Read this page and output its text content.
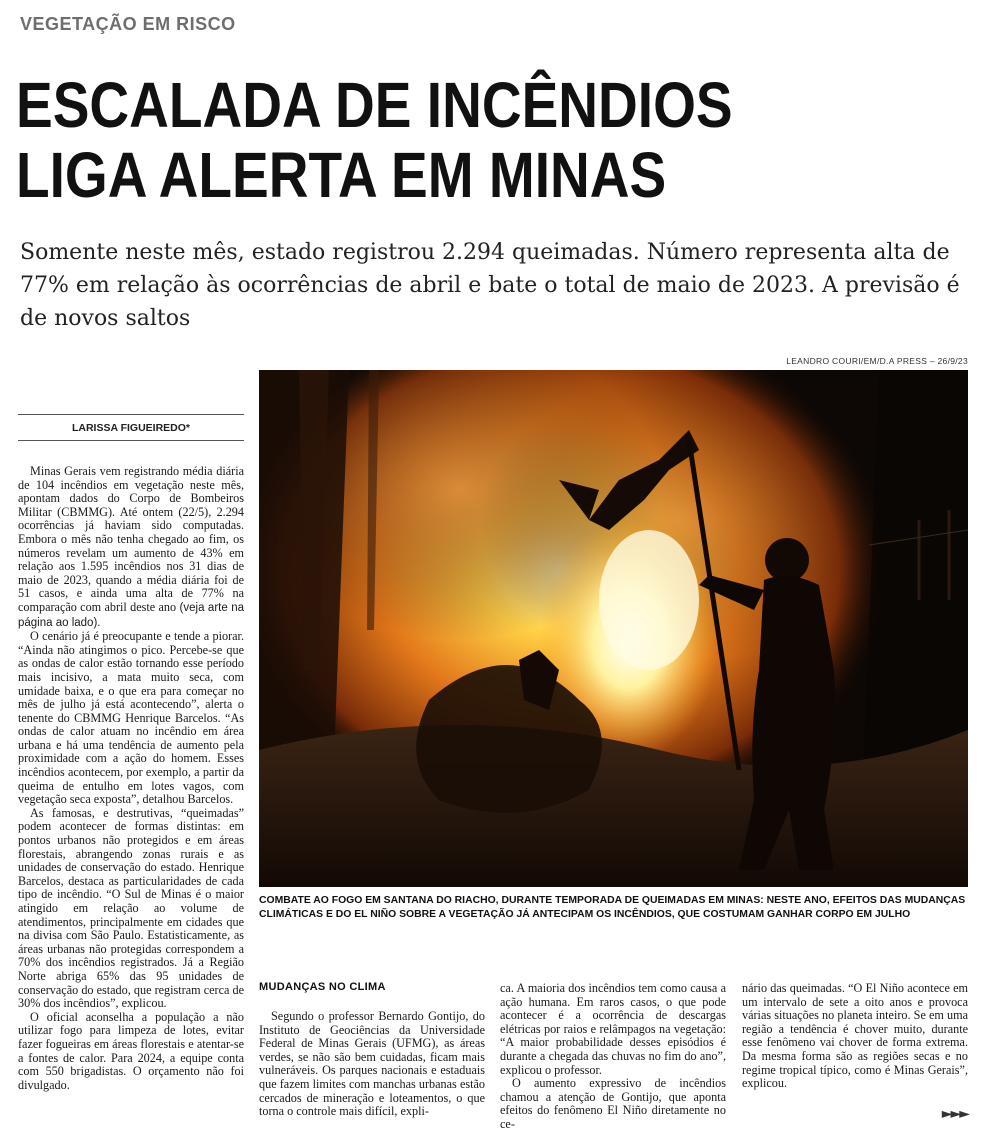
VEGETAÇÃO EM RISCO
ESCALADA DE INCÊNDIOS
LIGA ALERTA EM MINAS

Somente neste mês, estado registrou 2.294 queimadas. Número representa alta de 77% em relação às ocorrências de abril e bate o total de maio de 2023. A previsão é de novos saltos

LEANDRO COURI/EM/D.A PRESS – 26/9/23

COMBATE AO FOGO EM SANTANA DO RIACHO, DURANTE TEMPORADA DE QUEIMADAS EM MINAS: NESTE ANO, EFEITOS DAS MUDANÇAS CLIMÁTICAS E DO EL NIÑO SOBRE A VEGETAÇÃO JÁ ANTECIPAM OS INCÊNDIOS, QUE COSTUMAM GANHAR CORPO EM JULHO

LARISSA FIGUEIREDO*

Minas Gerais vem registrando média diária de 104 incêndios em vegetação neste mês, apontam dados do Corpo de Bombeiros Militar (CBMMG). Até ontem (22/5), 2.294 ocorrências já haviam sido computadas. Embora o mês não tenha chegado ao fim, os números revelam um aumento de 43% em relação aos 1.595 incêndios nos 31 dias de maio de 2023, quando a média diária foi de 51 casos, e ainda uma alta de 77% na comparação com abril deste ano (veja arte na página ao lado).

O cenário já é preocupante e tende a piorar. “Ainda não atingimos o pico. Percebe-se que as ondas de calor estão tornando esse período mais incisivo, a mata muito seca, com umidade baixa, e o que era para começar no mês de julho já está acontecendo”, alerta o tenente do CBMMG Henrique Barcelos. “As ondas de calor atuam no incêndio em área urbana e há uma tendência de aumento pela proximidade com a ação do homem. Esses incêndios acontecem, por exemplo, a partir da queima de entulho em lotes vagos, com vegetação seca exposta”, detalhou Barcelos.

As famosas, e destrutivas, “queimadas” podem acontecer de formas distintas: em pontos urbanos não protegidos e em áreas florestais, abrangendo zonas rurais e as unidades de conservação do estado. Henrique Barcelos, destaca as particularidades de cada tipo de incêndio. “O Sul de Minas é o maior atingido em relação ao volume de atendimentos, principalmente em cidades que na divisa com São Paulo. Estatisticamente, as áreas urbanas não protegidas correspondem a 70% dos incêndios registrados. Já a Região Norte abriga 65% das 95 unidades de conservação do estado, que registram cerca de 30% dos incêndios”, explicou.

O oficial aconselha a população a não utilizar fogo para limpeza de lotes, evitar fazer fogueiras em áreas florestais e atentar-se a fontes de calor. Para 2024, a equipe conta com 550 brigadistas. O orçamento não foi divulgado.

MUDANÇAS NO CLIMA

Segundo o professor Bernardo Gontijo, do Instituto de Geociências da Universidade Federal de Minas Gerais (UFMG), as áreas verdes, se não são bem cuidadas, ficam mais vulneráveis. Os parques nacionais e estaduais que fazem limites com manchas urbanas estão cercados de mineração e loteamentos, o que torna o controle mais difícil, expli-

ca. A maioria dos incêndios tem como causa a ação humana. Em raros casos, o que pode acontecer é a ocorrência de descargas elétricas por raios e relâmpagos na vegetação: “A maior probabilidade desses episódios é durante a chegada das chuvas no fim do ano”, explicou o professor.

O aumento expressivo de incêndios chamou a atenção de Gontijo, que aponta efeitos do fenômeno El Niño diretamente no ce-

nário das queimadas. “O El Niño acontece em um intervalo de sete a oito anos e provoca várias situações no planeta inteiro. Se em uma região a tendência é chover muito, durante esse fenômeno vai chover de forma extrema. Da mesma forma são as regiões secas e no regime tropical típico, como é Minas Gerais”, explicou.

►►►
